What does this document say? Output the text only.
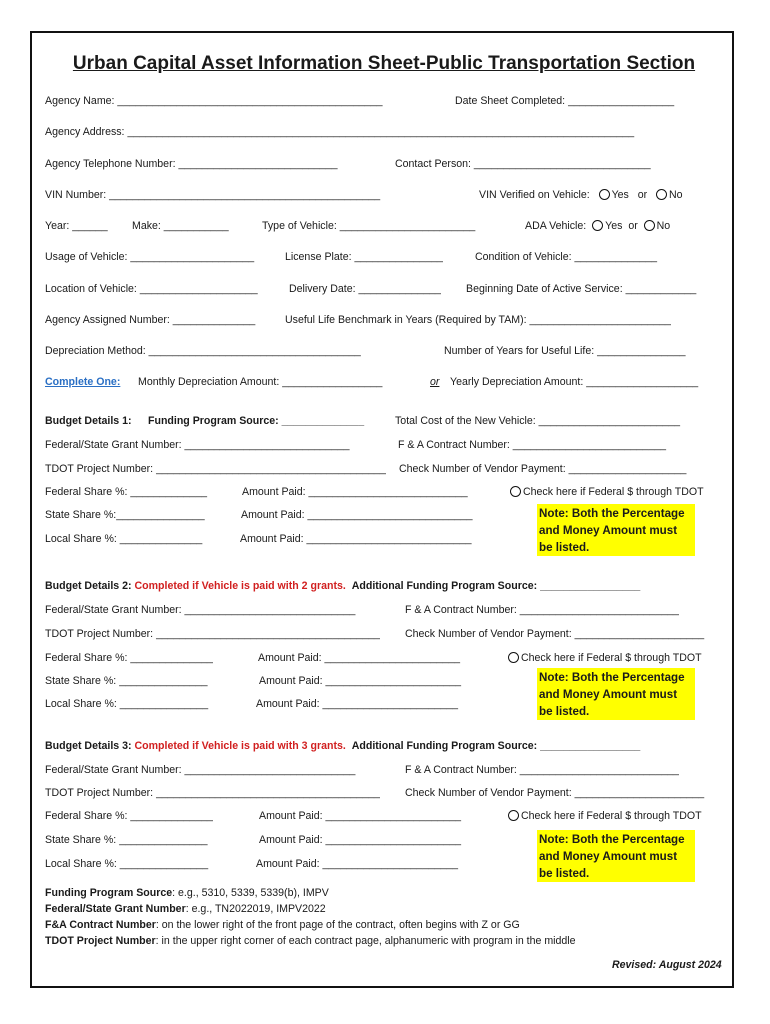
Urban Capital Asset Information Sheet-Public Transportation Section
Agency Name: _____________________________________________	Date Sheet Completed: __________________
Agency Address: ______________________________________________________________________________________
Agency Telephone Number: ___________________________	Contact Person: ______________________________
VIN Number: ______________________________________________	VIN Verified on Vehicle: Yes or No
Year: ______ Make: ___________	Type of Vehicle: _______________________	ADA Vehicle: Yes or No
Usage of Vehicle: _____________________	License Plate: _______________	Condition of Vehicle: ______________
Location of Vehicle: ____________________	Delivery Date: ______________ Beginning Date of Active Service: ____________
Agency Assigned Number: ______________	Useful Life Benchmark in Years (Required by TAM): ________________________
Depreciation Method: ____________________________________	Number of Years for Useful Life: _______________
Complete One: Monthly Depreciation Amount: _________________	or Yearly Depreciation Amount: ___________________
Budget Details 1: Funding Program Source: ______________	Total Cost of the New Vehicle: ________________________
Federal/State Grant Number: ____________________________	F & A Contract Number: __________________________
TDOT Project Number: _______________________________________ Check Number of Vendor Payment: ____________________
Federal Share %: _____________	Amount Paid: ___________________________	Check here if Federal $ through TDOT
State Share %:_______________	Amount Paid: ____________________________
Local Share %: ______________	Amount Paid: ____________________________
Note: Both the Percentage and Money Amount must be listed.
Budget Details 2: Completed if Vehicle is paid with 2 grants. Additional Funding Program Source: _________________
Federal/State Grant Number: _____________________________	F & A Contract Number: ___________________________
TDOT Project Number: ______________________________________ Check Number of Vendor Payment: ______________________
Federal Share %: ______________	Amount Paid: _______________________	Check here if Federal $ through TDOT
State Share %: _______________	Amount Paid: _______________________
Local Share %: _______________	Amount Paid: _______________________
Note: Both the Percentage and Money Amount must be listed.
Budget Details 3: Completed if Vehicle is paid with 3 grants. Additional Funding Program Source: _________________
Federal/State Grant Number: _____________________________	F & A Contract Number: ___________________________
TDOT Project Number: ______________________________________ Check Number of Vendor Payment: ______________________
Federal Share %: ______________	Amount Paid: _______________________	Check here if Federal $ through TDOT
State Share %: _______________	Amount Paid: _______________________
Local Share %: _______________	Amount Paid: _______________________
Note: Both the Percentage and Money Amount must be listed.
Funding Program Source: e.g., 5310, 5339, 5339(b), IMPV
Federal/State Grant Number: e.g., TN2022019, IMPV2022
F&A Contract Number: on the lower right of the front page of the contract, often begins with Z or GG
TDOT Project Number: in the upper right corner of each contract page, alphanumeric with program in the middle
Revised: August 2024
